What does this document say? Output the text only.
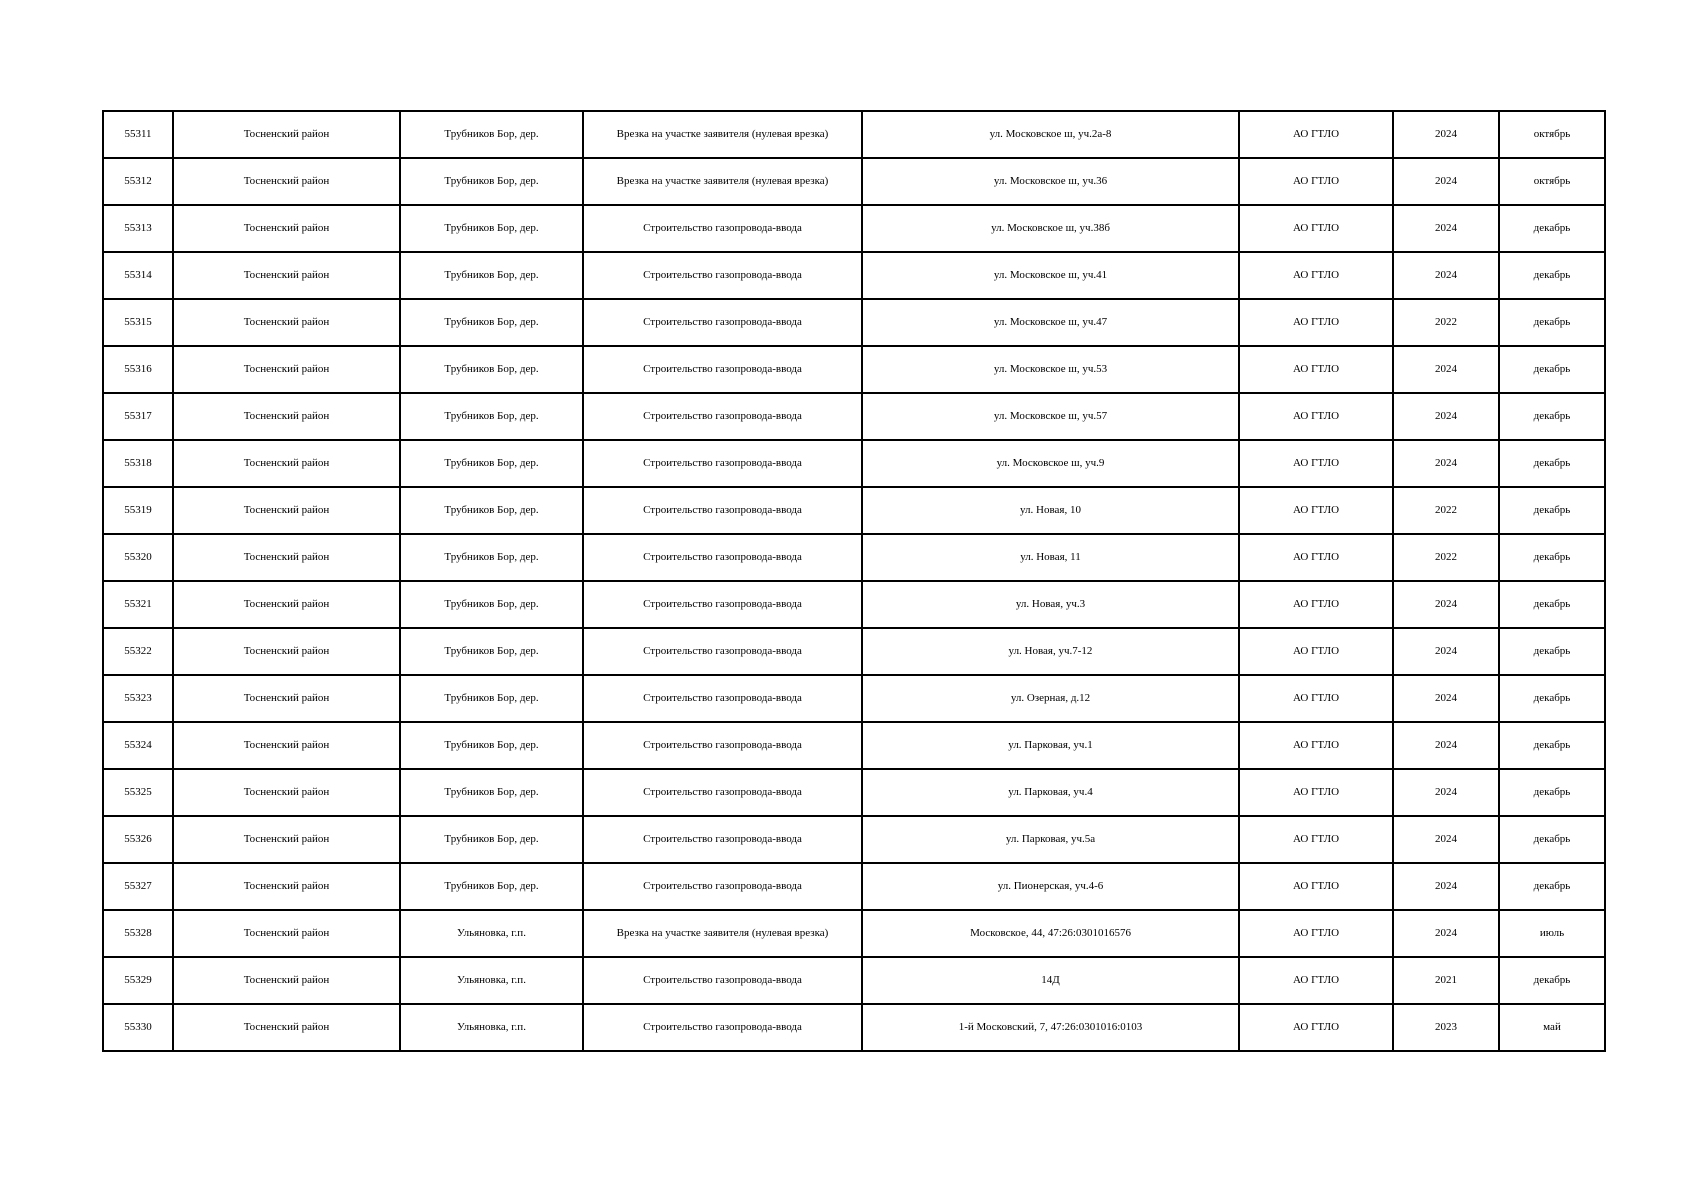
55311	Тосненский район	Трубников Бор, дер.	Врезка на участке заявителя (нулевая врезка)	ул. Московское ш, уч.2а-8	АО ГТЛО	2024	октябрь
55312	Тосненский район	Трубников Бор, дер.	Врезка на участке заявителя (нулевая врезка)	ул. Московское ш, уч.36	АО ГТЛО	2024	октябрь
55313	Тосненский район	Трубников Бор, дер.	Строительство газопровода-ввода	ул. Московское ш, уч.38б	АО ГТЛО	2024	декабрь
55314	Тосненский район	Трубников Бор, дер.	Строительство газопровода-ввода	ул. Московское ш, уч.41	АО ГТЛО	2024	декабрь
55315	Тосненский район	Трубников Бор, дер.	Строительство газопровода-ввода	ул. Московское ш, уч.47	АО ГТЛО	2022	декабрь
55316	Тосненский район	Трубников Бор, дер.	Строительство газопровода-ввода	ул. Московское ш, уч.53	АО ГТЛО	2024	декабрь
55317	Тосненский район	Трубников Бор, дер.	Строительство газопровода-ввода	ул. Московское ш, уч.57	АО ГТЛО	2024	декабрь
55318	Тосненский район	Трубников Бор, дер.	Строительство газопровода-ввода	ул. Московское ш, уч.9	АО ГТЛО	2024	декабрь
55319	Тосненский район	Трубников Бор, дер.	Строительство газопровода-ввода	ул. Новая, 10	АО ГТЛО	2022	декабрь
55320	Тосненский район	Трубников Бор, дер.	Строительство газопровода-ввода	ул. Новая, 11	АО ГТЛО	2022	декабрь
55321	Тосненский район	Трубников Бор, дер.	Строительство газопровода-ввода	ул. Новая, уч.3	АО ГТЛО	2024	декабрь
55322	Тосненский район	Трубников Бор, дер.	Строительство газопровода-ввода	ул. Новая, уч.7-12	АО ГТЛО	2024	декабрь
55323	Тосненский район	Трубников Бор, дер.	Строительство газопровода-ввода	ул. Озерная, д.12	АО ГТЛО	2024	декабрь
55324	Тосненский район	Трубников Бор, дер.	Строительство газопровода-ввода	ул. Парковая, уч.1	АО ГТЛО	2024	декабрь
55325	Тосненский район	Трубников Бор, дер.	Строительство газопровода-ввода	ул. Парковая, уч.4	АО ГТЛО	2024	декабрь
55326	Тосненский район	Трубников Бор, дер.	Строительство газопровода-ввода	ул. Парковая, уч.5а	АО ГТЛО	2024	декабрь
55327	Тосненский район	Трубников Бор, дер.	Строительство газопровода-ввода	ул. Пионерская, уч.4-6	АО ГТЛО	2024	декабрь
55328	Тосненский район	Ульяновка, г.п.	Врезка на участке заявителя (нулевая врезка)	Московское, 44, 47:26:0301016576	АО ГТЛО	2024	июль
55329	Тосненский район	Ульяновка, г.п.	Строительство газопровода-ввода	14Д	АО ГТЛО	2021	декабрь
55330	Тосненский район	Ульяновка, г.п.	Строительство газопровода-ввода	1-й Московский, 7, 47:26:0301016:0103	АО ГТЛО	2023	май
